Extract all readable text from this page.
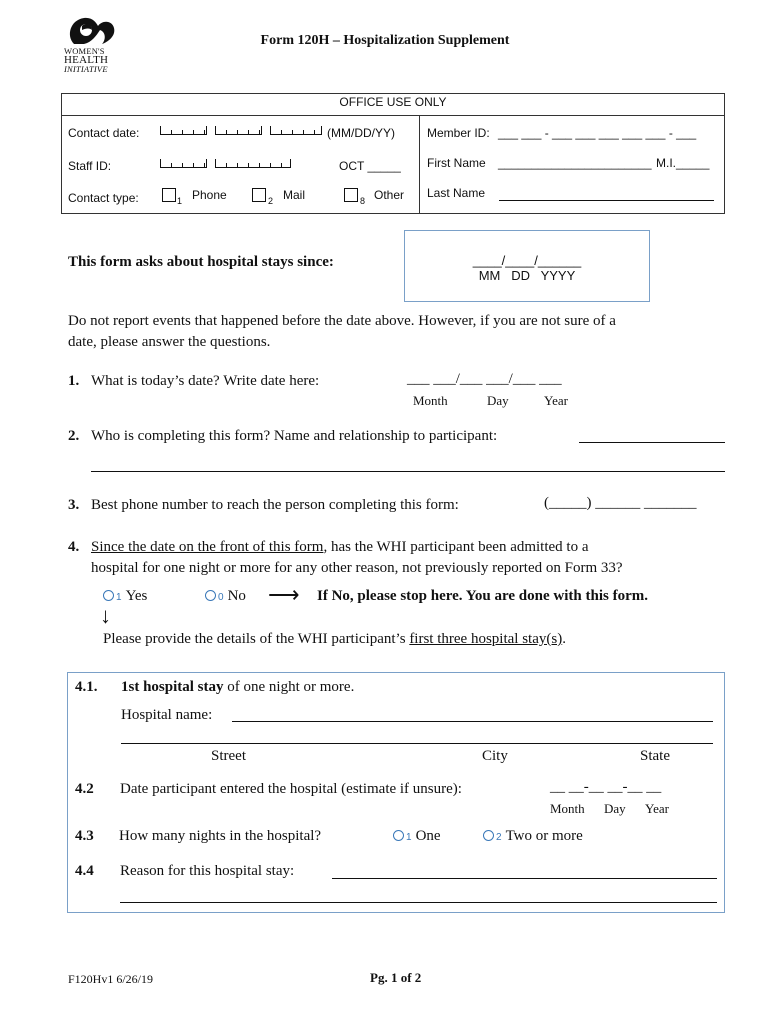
WOMEN'S
HEALTH
INITIATIVE
Form 120H – Hospitalization Supplement
OFFICE USE ONLY
Contact date:	(MM/DD/YY)
Staff ID:	OCT _____
Contact type:	1 Phone	2 Mail	8 Other
Member ID: ___ ___ - ___ ___ ___ ___ ___ - ___
First Name _______________________ M.I._____
Last Name
This form asks about hospital stays since:	____/____/______
MM   DD   YYYY
Do not report events that happened before the date above. However, if you are not sure of a
date, please answer the questions.
1. What is today’s date? Write date here:	___ ___/___ ___/___ ___
Month	Day	Year
2. Who is completing this form? Name and relationship to participant:
3. Best phone number to reach the person completing this form:	(_____) ______ _______
4. Since the date on the front of this form, has the WHI participant been admitted to a
hospital for one night or more for any other reason, not previously reported on Form 33?
1 Yes	0 No ⟶ If No, please stop here. You are done with this form.
↓
Please provide the details of the WHI participant’s first three hospital stay(s).
4.1. 1st hospital stay of one night or more.
Hospital name:
Street	City	State
4.2 Date participant entered the hospital (estimate if unsure):	__ __-__ __-__ __
Month Day Year
4.3 How many nights in the hospital?	1 One	2 Two or more
4.4 Reason for this hospital stay:
F120Hv1 6/26/19	Pg. 1 of 2
